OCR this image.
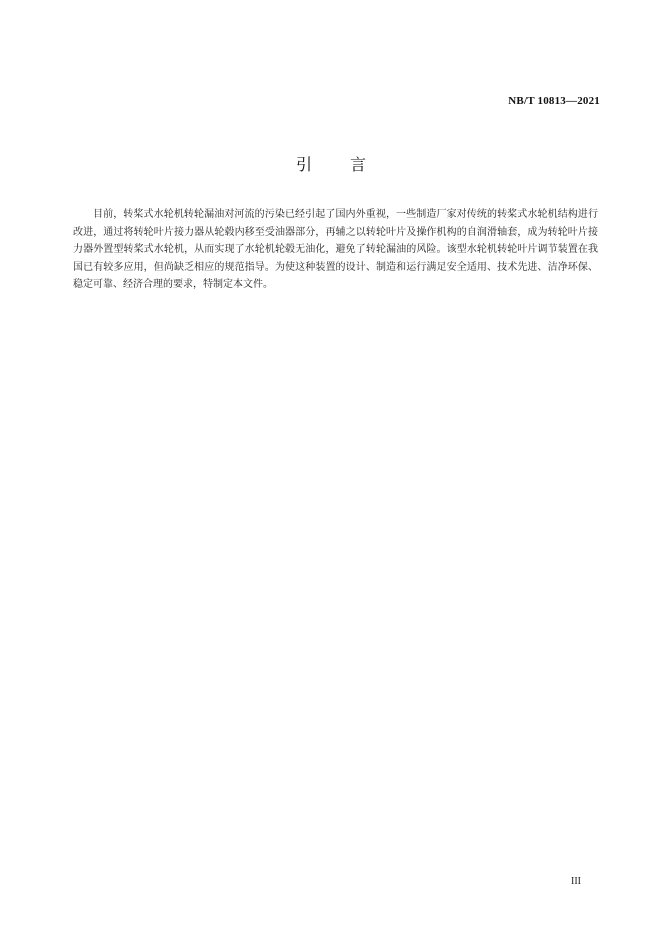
NB/T 10813—2021
引 言

目前，转桨式水轮机转轮漏油对河流的污染已经引起了国内外重视，一些制造厂家对传统的转桨式水轮机结构进行改进，通过将转轮叶片接力器从轮毂内移至受油器部分，再辅之以转轮叶片及操作机构的自润滑轴套，成为转轮叶片接力器外置型转桨式水轮机，从而实现了水轮机轮毂无油化，避免了转轮漏油的风险。该型水轮机转轮叶片调节装置在我国已有较多应用，但尚缺乏相应的规范指导。为使这种装置的设计、制造和运行满足安全适用、技术先进、洁净环保、稳定可靠、经济合理的要求，特制定本文件。

III
